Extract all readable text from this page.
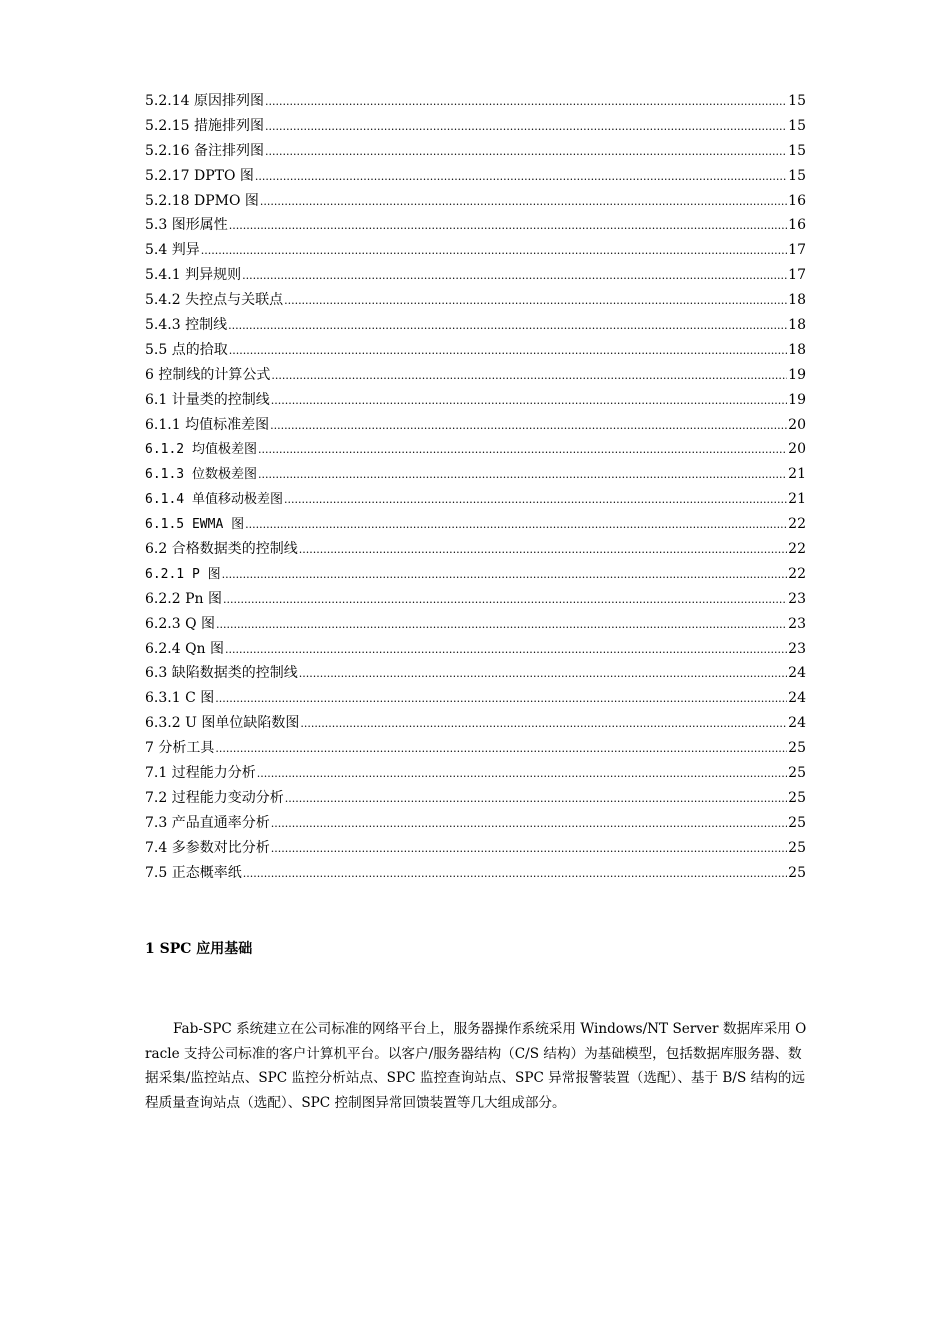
5.2.14 原因排列图 .....	15
5.2.15 措施排列图 .....	15
5.2.16 备注排列图 .....	15
5.2.17 DPTO 图 .....	15
5.2.18 DPMO 图 .....	16
5.3 图形属性 .....	16
5.4 判异 .....	17
5.4.1 判异规则 .....	17
5.4.2 失控点与关联点 .....	18
5.4.3 控制线 .....	18
5.5 点的拾取 .....	18
6 控制线的计算公式 .....	19
6.1 计量类的控制线 .....	19
6.1.1 均值标准差图 .....	20
6.1.2 均值极差图 .....	20
6.1.3 位数极差图 .....	21
6.1.4 单值移动极差图 .....	21
6.1.5 EWMA 图 .....	22
6.2 合格数据类的控制线 .....	22
6.2.1 P 图 .....	22
6.2.2 Pn 图 .....	23
6.2.3 Q 图 .....	23
6.2.4 Qn 图 .....	23
6.3 缺陷数据类的控制线 .....	24
6.3.1 C 图 .....	24
6.3.2 U 图单位缺陷数图 .....	24
7 分析工具 .....	25
7.1 过程能力分析 .....	25
7.2 过程能力变动分析 .....	25
7.3 产品直通率分析 .....	25
7.4 多参数对比分析 .....	25
7.5 正态概率纸 .....	25
1 SPC 应用基础

Fab-SPC 系统建立在公司标准的网络平台上，服务器操作系统采用 Windows/NT Server 数据库采用 Oracle 支持公司标准的客户计算机平台。以客户/服务器结构（C/S 结构）为基础模型，包括数据库服务器、数据采集/监控站点、SPC 监控分析站点、SPC 监控查询站点、SPC 异常报警装置（选配）、基于 B/S 结构的远程质量查询站点（选配）、SPC 控制图异常回馈装置等几大组成部分。
